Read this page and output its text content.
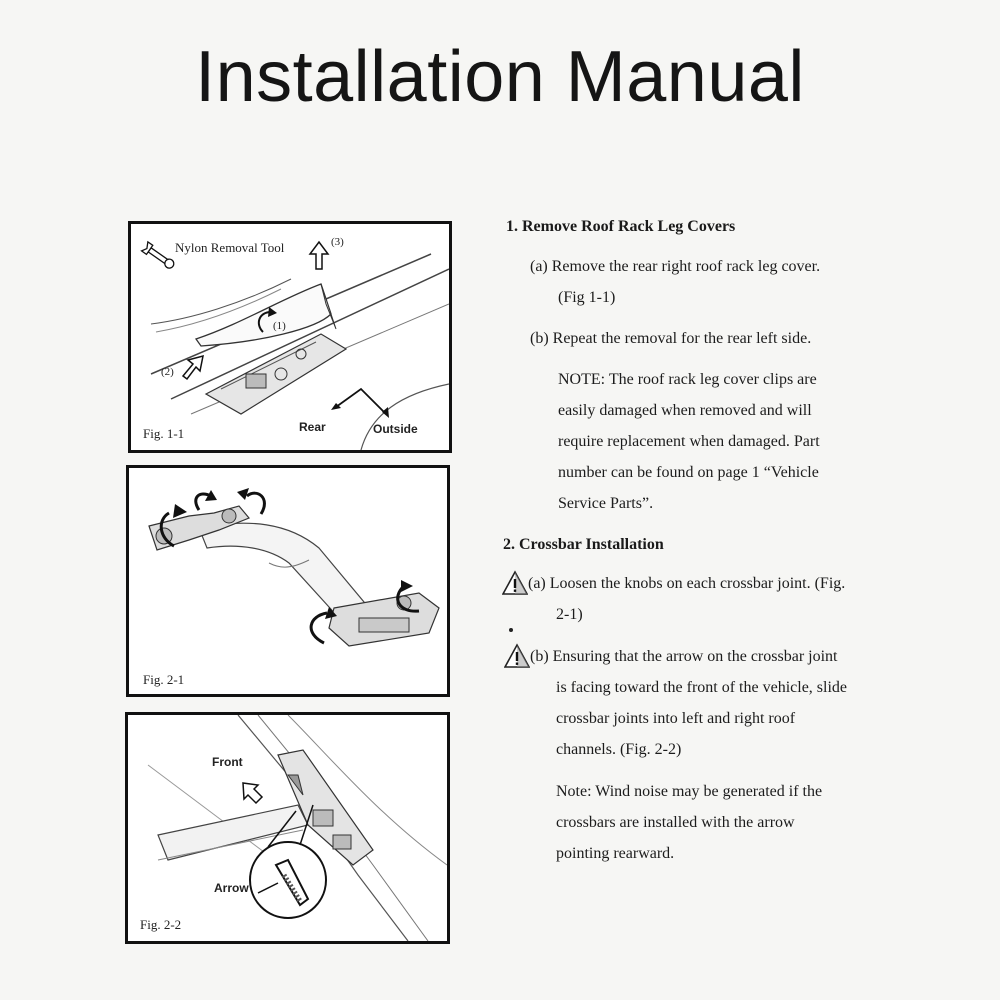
Installation Manual
Nylon Removal Tool	(3)
(1)
(2)
Rear	Outside
Fig. 1-1
Fig. 2-1
Front
Arrow
Fig. 2-2
1. Remove Roof Rack Leg Covers
(a) Remove the rear right roof rack leg cover.
(Fig 1-1)
(b) Repeat the removal for the rear left side.
NOTE: The roof rack leg cover clips are
easily damaged when removed and will
require replacement when damaged. Part
number can be found on page 1 “Vehicle
Service Parts”.
2. Crossbar Installation
(a) Loosen the knobs on each crossbar joint. (Fig.
2-1)
(b) Ensuring that the arrow on the crossbar joint
is facing toward the front of the vehicle, slide
crossbar joints into left and right roof
channels. (Fig. 2-2)
Note: Wind noise may be generated if the
crossbars are installed with the arrow
pointing rearward.
